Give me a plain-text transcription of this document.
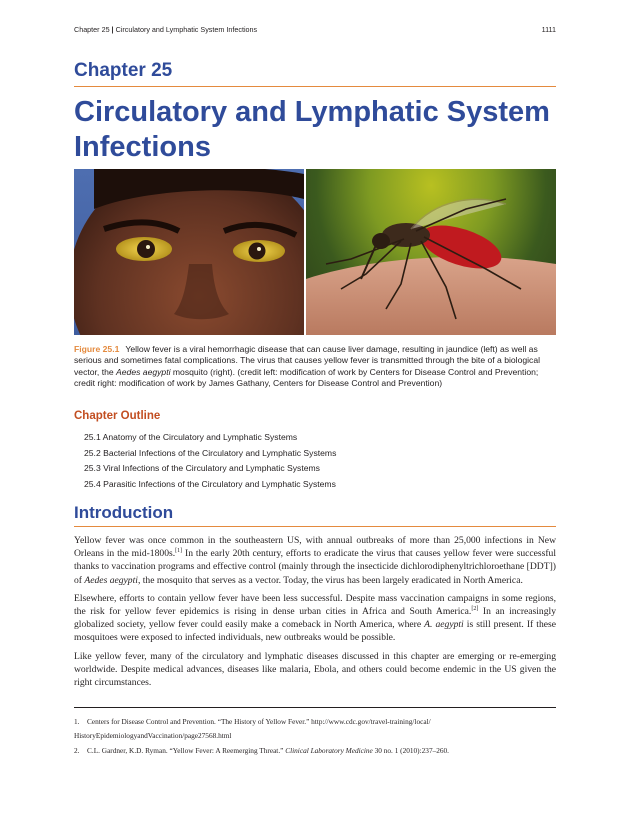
Chapter 25 | Circulatory and Lymphatic System Infections	1111
Chapter 25
Circulatory and Lymphatic System Infections
Figure 25.1 Yellow fever is a viral hemorrhagic disease that can cause liver damage, resulting in jaundice (left) as well as serious and sometimes fatal complications. The virus that causes yellow fever is transmitted through the bite of a biological vector, the Aedes aegypti mosquito (right). (credit left: modification of work by Centers for Disease Control and Prevention; credit right: modification of work by James Gathany, Centers for Disease Control and Prevention)
Chapter Outline
25.1 Anatomy of the Circulatory and Lymphatic Systems
25.2 Bacterial Infections of the Circulatory and Lymphatic Systems
25.3 Viral Infections of the Circulatory and Lymphatic Systems
25.4 Parasitic Infections of the Circulatory and Lymphatic Systems
Introduction

Yellow fever was once common in the southeastern US, with annual outbreaks of more than 25,000 infections in New Orleans in the mid-1800s.[1] In the early 20th century, efforts to eradicate the virus that causes yellow fever were successful thanks to vaccination programs and effective control (mainly through the insecticide dichlorodiphenyltrichloroethane [DDT]) of Aedes aegypti, the mosquito that serves as a vector. Today, the virus has been largely eradicated in North America.

Elsewhere, efforts to contain yellow fever have been less successful. Despite mass vaccination campaigns in some regions, the risk for yellow fever epidemics is rising in dense urban cities in Africa and South America.[2] In an increasingly globalized society, yellow fever could easily make a comeback in North America, where A. aegypti is still present. If these mosquitoes were exposed to infected individuals, new outbreaks would be possible.

Like yellow fever, many of the circulatory and lymphatic diseases discussed in this chapter are emerging or re-emerging worldwide. Despite medical advances, diseases like malaria, Ebola, and others could become endemic in the US given the right circumstances.

1. Centers for Disease Control and Prevention. “The History of Yellow Fever.” http://www.cdc.gov/travel-training/local/
HistoryEpidemiologyandVaccination/page27568.html
2. C.L. Gardner, K.D. Ryman. “Yellow Fever: A Reemerging Threat.” Clinical Laboratory Medicine 30 no. 1 (2010):237–260.
